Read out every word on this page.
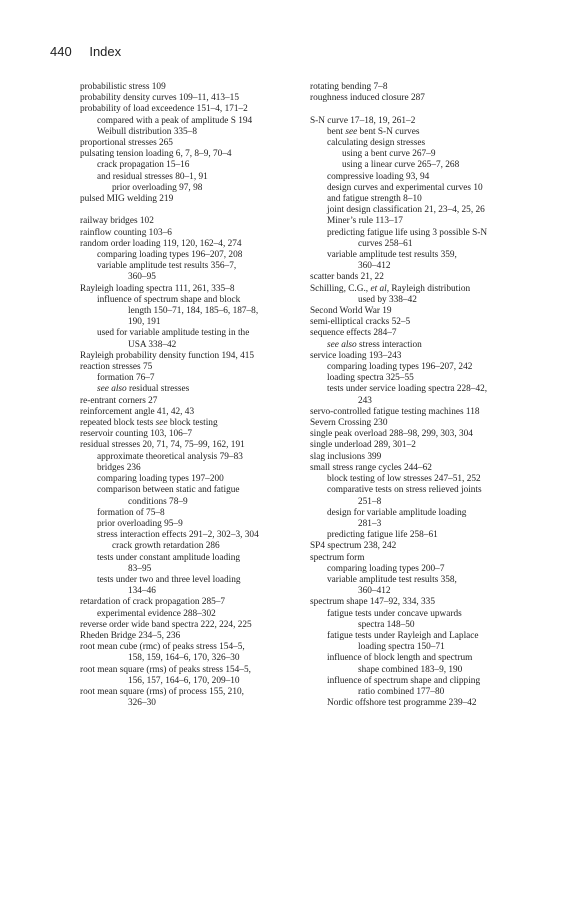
440 Index
probabilistic stress 109
probability density curves 109–11, 413–15
probability of load exceedence 151–4, 171–2
compared with a peak of amplitude S 194
Weibull distribution 335–8
proportional stresses 265
pulsating tension loading 6, 7, 8–9, 70–4
crack propagation 15–16
and residual stresses 80–1, 91
prior overloading 97, 98
pulsed MIG welding 219
railway bridges 102
rainflow counting 103–6
random order loading 119, 120, 162–4, 274
comparing loading types 196–207, 208
variable amplitude test results 356–7,
360–95
Rayleigh loading spectra 111, 261, 335–8
influence of spectrum shape and block
length 150–71, 184, 185–6, 187–8,
190, 191
used for variable amplitude testing in the
USA 338–42
Rayleigh probability density function 194, 415
reaction stresses 75
formation 76–7
see also residual stresses
re-entrant corners 27
reinforcement angle 41, 42, 43
repeated block tests see block testing
reservoir counting 103, 106–7
residual stresses 20, 71, 74, 75–99, 162, 191
approximate theoretical analysis 79–83
bridges 236
comparing loading types 197–200
comparison between static and fatigue
conditions 78–9
formation of 75–8
prior overloading 95–9
stress interaction effects 291–2, 302–3, 304
crack growth retardation 286
tests under constant amplitude loading
83–95
tests under two and three level loading
134–46
retardation of crack propagation 285–7
experimental evidence 288–302
reverse order wide band spectra 222, 224, 225
Rheden Bridge 234–5, 236
root mean cube (rmc) of peaks stress 154–5,
158, 159, 164–6, 170, 326–30
root mean square (rms) of peaks stress 154–5,
156, 157, 164–6, 170, 209–10
root mean square (rms) of process 155, 210,
326–30
rotating bending 7–8
roughness induced closure 287
S-N curve 17–18, 19, 261–2
bent see bent S-N curves
calculating design stresses
using a bent curve 267–9
using a linear curve 265–7, 268
compressive loading 93, 94
design curves and experimental curves 10
and fatigue strength 8–10
joint design classification 21, 23–4, 25, 26
Miner’s rule 113–17
predicting fatigue life using 3 possible S-N
curves 258–61
variable amplitude test results 359,
360–412
scatter bands 21, 22
Schilling, C.G., et al, Rayleigh distribution
used by 338–42
Second World War 19
semi-elliptical cracks 52–5
sequence effects 284–7
see also stress interaction
service loading 193–243
comparing loading types 196–207, 242
loading spectra 325–55
tests under service loading spectra 228–42,
243
servo-controlled fatigue testing machines 118
Severn Crossing 230
single peak overload 288–98, 299, 303, 304
single underload 289, 301–2
slag inclusions 399
small stress range cycles 244–62
block testing of low stresses 247–51, 252
comparative tests on stress relieved joints
251–8
design for variable amplitude loading
281–3
predicting fatigue life 258–61
SP4 spectrum 238, 242
spectrum form
comparing loading types 200–7
variable amplitude test results 358,
360–412
spectrum shape 147–92, 334, 335
fatigue tests under concave upwards
spectra 148–50
fatigue tests under Rayleigh and Laplace
loading spectra 150–71
influence of block length and spectrum
shape combined 183–9, 190
influence of spectrum shape and clipping
ratio combined 177–80
Nordic offshore test programme 239–42
